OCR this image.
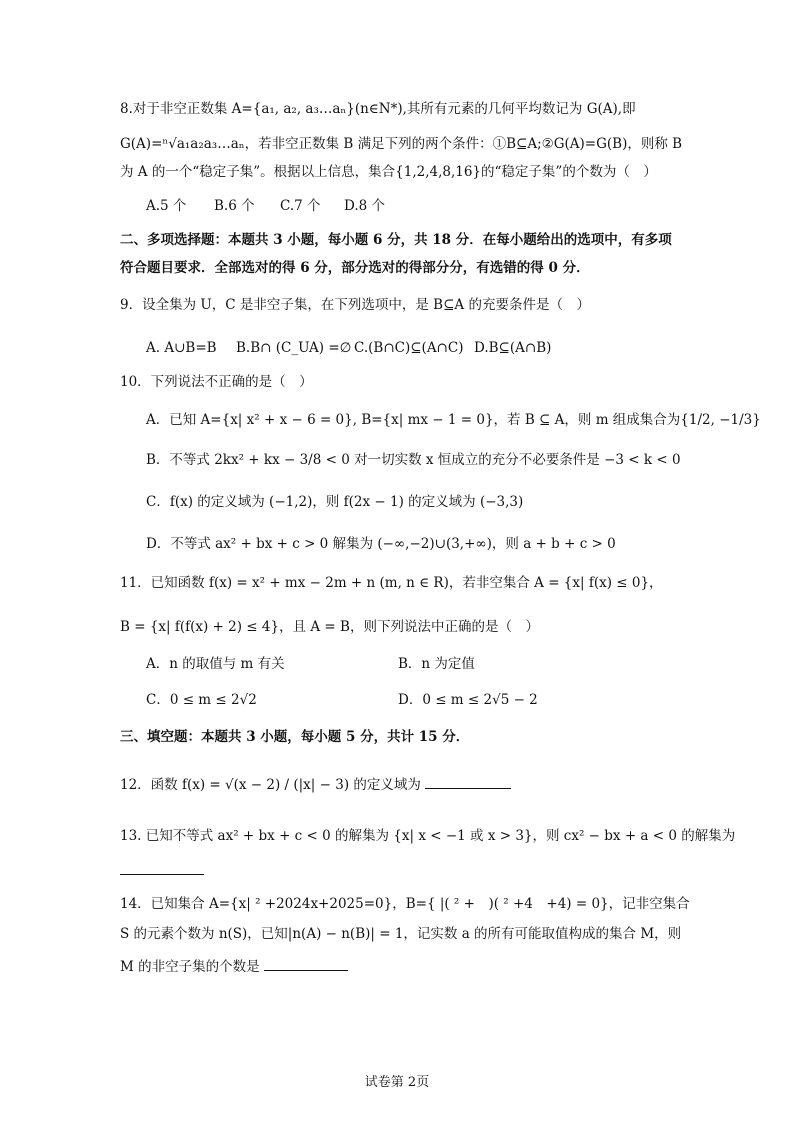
8.对于非空正数集 A={a₁, a₂, a₃…aₙ}(n∈N*),其所有元素的几何平均数记为 G(A),即
G(A)=ⁿ√a₁a₂a₃…aₙ，若非空正数集 B 满足下列的两个条件：①B⊆A;②G(A)=G(B)，则称 B
为 A 的一个“稳定子集”。根据以上信息，集合{1,2,4,8,16}的“稳定子集”的个数为（　）
A.5 个 B.6 个 C.7 个 D.8 个
二、多项选择题：本题共 3 小题，每小题 6 分，共 18 分．在每小题给出的选项中，有多项
符合题目要求．全部选对的得 6 分，部分选对的得部分分，有选错的得 0 分．
9．设全集为 U，C 是非空子集，在下列选项中，是 B⊆A 的充要条件是（　）
A. A∪B=B B.B∩ (C_UA) =∅ C.(B∩C)⊆(A∩C) D.B⊆(A∩B)
10．下列说法不正确的是（　）
A．已知 A={x| x² + x − 6 = 0}, B={x| mx − 1 = 0}，若 B ⊆ A，则 m 组成集合为{1/2, −1/3}
B．不等式 2kx² + kx − 3/8 < 0 对一切实数 x 恒成立的充分不必要条件是 −3 < k < 0
C．f(x) 的定义域为 (−1,2)，则 f(2x − 1) 的定义域为 (−3,3)
D．不等式 ax² + bx + c > 0 解集为 (−∞,−2)∪(3,+∞)，则 a + b + c > 0
11．已知函数 f(x) = x² + mx − 2m + n (m, n ∈ R)，若非空集合 A = {x| f(x) ≤ 0}，
B = {x| f(f(x) + 2) ≤ 4}，且 A = B，则下列说法中正确的是（　）
A．n 的取值与 m 有关	B．n 为定值
C．0 ≤ m ≤ 2√2	D．0 ≤ m ≤ 2√5 − 2
三、填空题：本题共 3 小题，每小题 5 分，共计 15 分．
12．函数 f(x) = √(x − 2) / (|x| − 3) 的定义域为
13. 已知不等式 ax² + bx + c < 0 的解集为 {x| x < −1 或 x > 3}，则 cx² − bx + a < 0 的解集为
14．已知集合 A={x| ² +2024x+2025=0}，B={ |( ² +　)( ² +4　+4) = 0}，记非空集合
S 的元素个数为 n(S)，已知|n(A) − n(B)| = 1，记实数 a 的所有可能取值构成的集合 M，则
M 的非空子集的个数是
试卷第 2页
